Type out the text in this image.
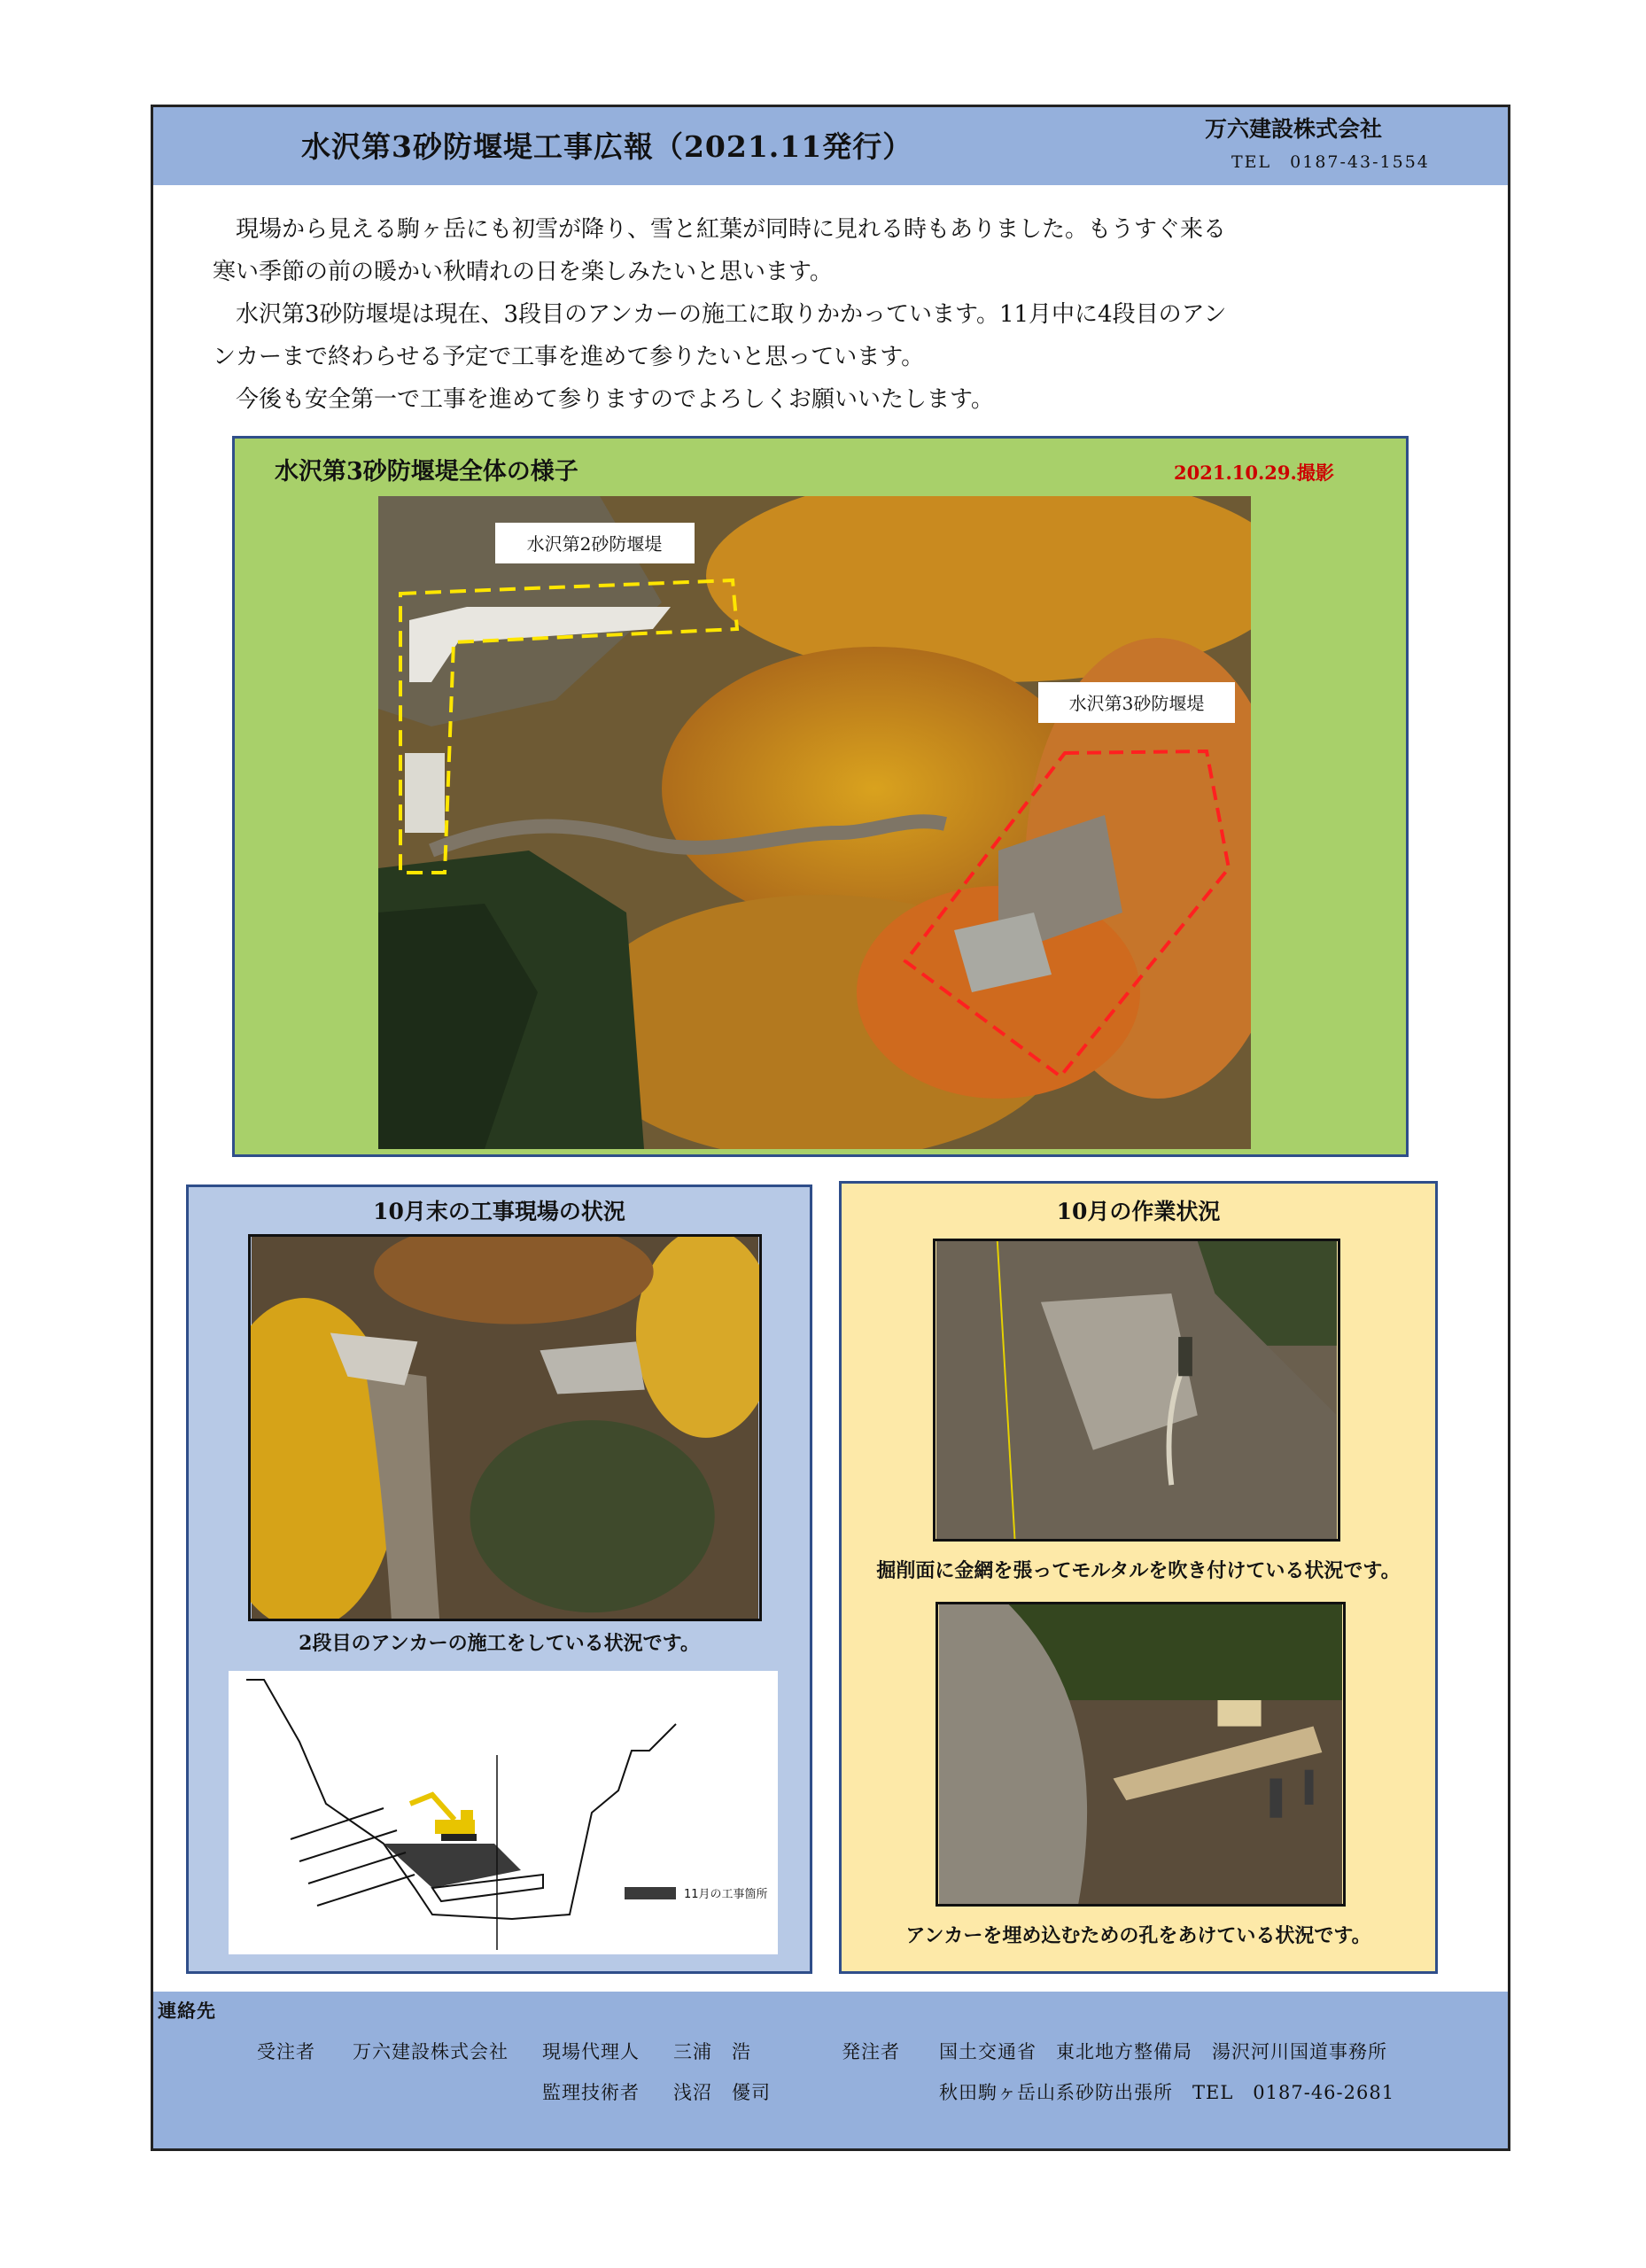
水沢第3砂防堰堤工事広報（2021.11発行）
万六建設株式会社
TEL　0187-43-1554
　現場から見える駒ヶ岳にも初雪が降り、雪と紅葉が同時に見れる時もありました。もうすぐ来る
寒い季節の前の暖かい秋晴れの日を楽しみたいと思います。
　水沢第3砂防堰堤は現在、3段目のアンカーの施工に取りかかっています。11月中に4段目のアン
ンカーまで終わらせる予定で工事を進めて参りたいと思っています。
　今後も安全第一で工事を進めて参りますのでよろしくお願いいたします。
水沢第3砂防堰堤全体の様子	2021.10.29.撮影
水沢第2砂防堰堤
水沢第3砂防堰堤
10月末の工事現場の状況
2段目のアンカーの施工をしている状況です。
11月の工事箇所
10月の作業状況
掘削面に金網を張ってモルタルを吹き付けている状況です。
アンカーを埋め込むための孔をあけている状況です。
連絡先
受注者 万六建設株式会社 現場代理人 三浦　浩
監理技術者 浅沼　優司
発注者 国土交通省　東北地方整備局　湯沢河川国道事務所
秋田駒ヶ岳山系砂防出張所　TEL　0187-46-2681
